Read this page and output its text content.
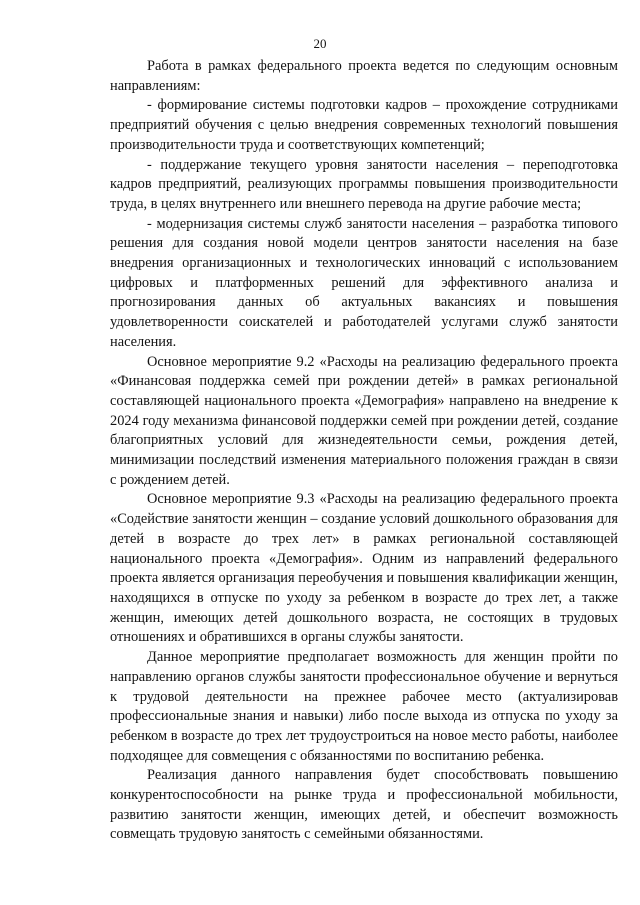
20

Работа в рамках федерального проекта ведется по следующим основным направлениям:

- формирование системы подготовки кадров – прохождение сотрудниками предприятий обучения с целью внедрения современных технологий повышения производительности труда и соответствующих компетенций;

- поддержание текущего уровня занятости населения – переподготовка кадров предприятий, реализующих программы повышения производительности труда, в целях внутреннего или внешнего перевода на другие рабочие места;

- модернизация системы служб занятости населения – разработка типового решения для создания новой модели центров занятости населения на базе внедрения организационных и технологических инноваций с использованием цифровых и платформенных решений для эффективного анализа и прогнозирования данных об актуальных вакансиях и повышения удовлетворенности соискателей и работодателей услугами служб занятости населения.

Основное мероприятие 9.2 «Расходы на реализацию федерального проекта «Финансовая поддержка семей при рождении детей» в рамках региональной составляющей национального проекта «Демография» направлено на внедрение к 2024 году механизма финансовой поддержки семей при рождении детей, создание благоприятных условий для жизнедеятельности семьи, рождения детей, минимизации последствий изменения материального положения граждан в связи с рождением детей.

Основное мероприятие 9.3 «Расходы на реализацию федерального проекта «Содействие занятости женщин – создание условий дошкольного образования для детей в возрасте до трех лет» в рамках региональной составляющей национального проекта «Демография». Одним из направлений федерального проекта является организация переобучения и повышения квалификации женщин, находящихся в отпуске по уходу за ребенком в возрасте до трех лет, а также женщин, имеющих детей дошкольного возраста, не состоящих в трудовых отношениях и обратившихся в органы службы занятости.

Данное мероприятие предполагает возможность для женщин пройти по направлению органов службы занятости профессиональное обучение и вернуться к трудовой деятельности на прежнее рабочее место (актуализировав профессиональные знания и навыки) либо после выхода из отпуска по уходу за ребенком в возрасте до трех лет трудоустроиться на новое место работы, наиболее подходящее для совмещения с обязанностями по воспитанию ребенка.

Реализация данного направления будет способствовать повышению конкурентоспособности на рынке труда и профессиональной мобильности, развитию занятости женщин, имеющих детей, и обеспечит возможность совмещать трудовую занятость с семейными обязанностями.
